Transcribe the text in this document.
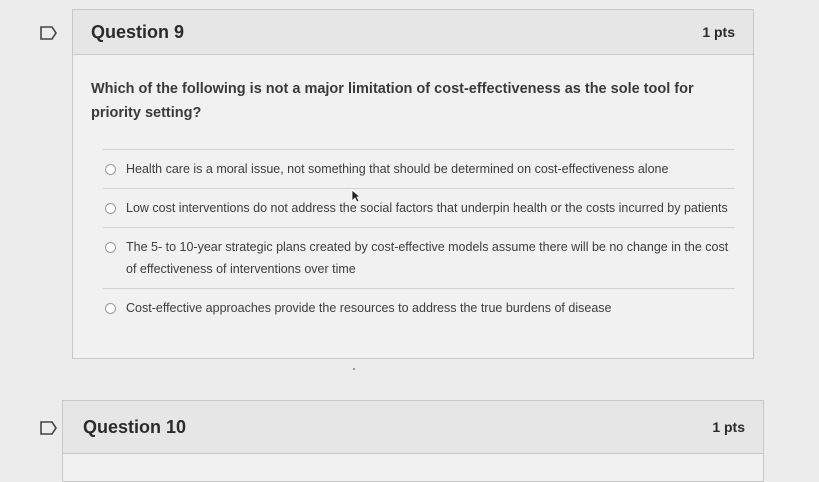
Question 9	1 pts

Which of the following is not a major limitation of cost-effectiveness as the sole tool for priority setting?

Health care is a moral issue, not something that should be determined on cost-effectiveness alone
Low cost interventions do not address the social factors that underpin health or the costs incurred by patients
The 5- to 10-year strategic plans created by cost-effective models assume there will be no change in the cost of effectiveness of interventions over time
Cost-effective approaches provide the resources to address the true burdens of disease
Question 10	1 pts
